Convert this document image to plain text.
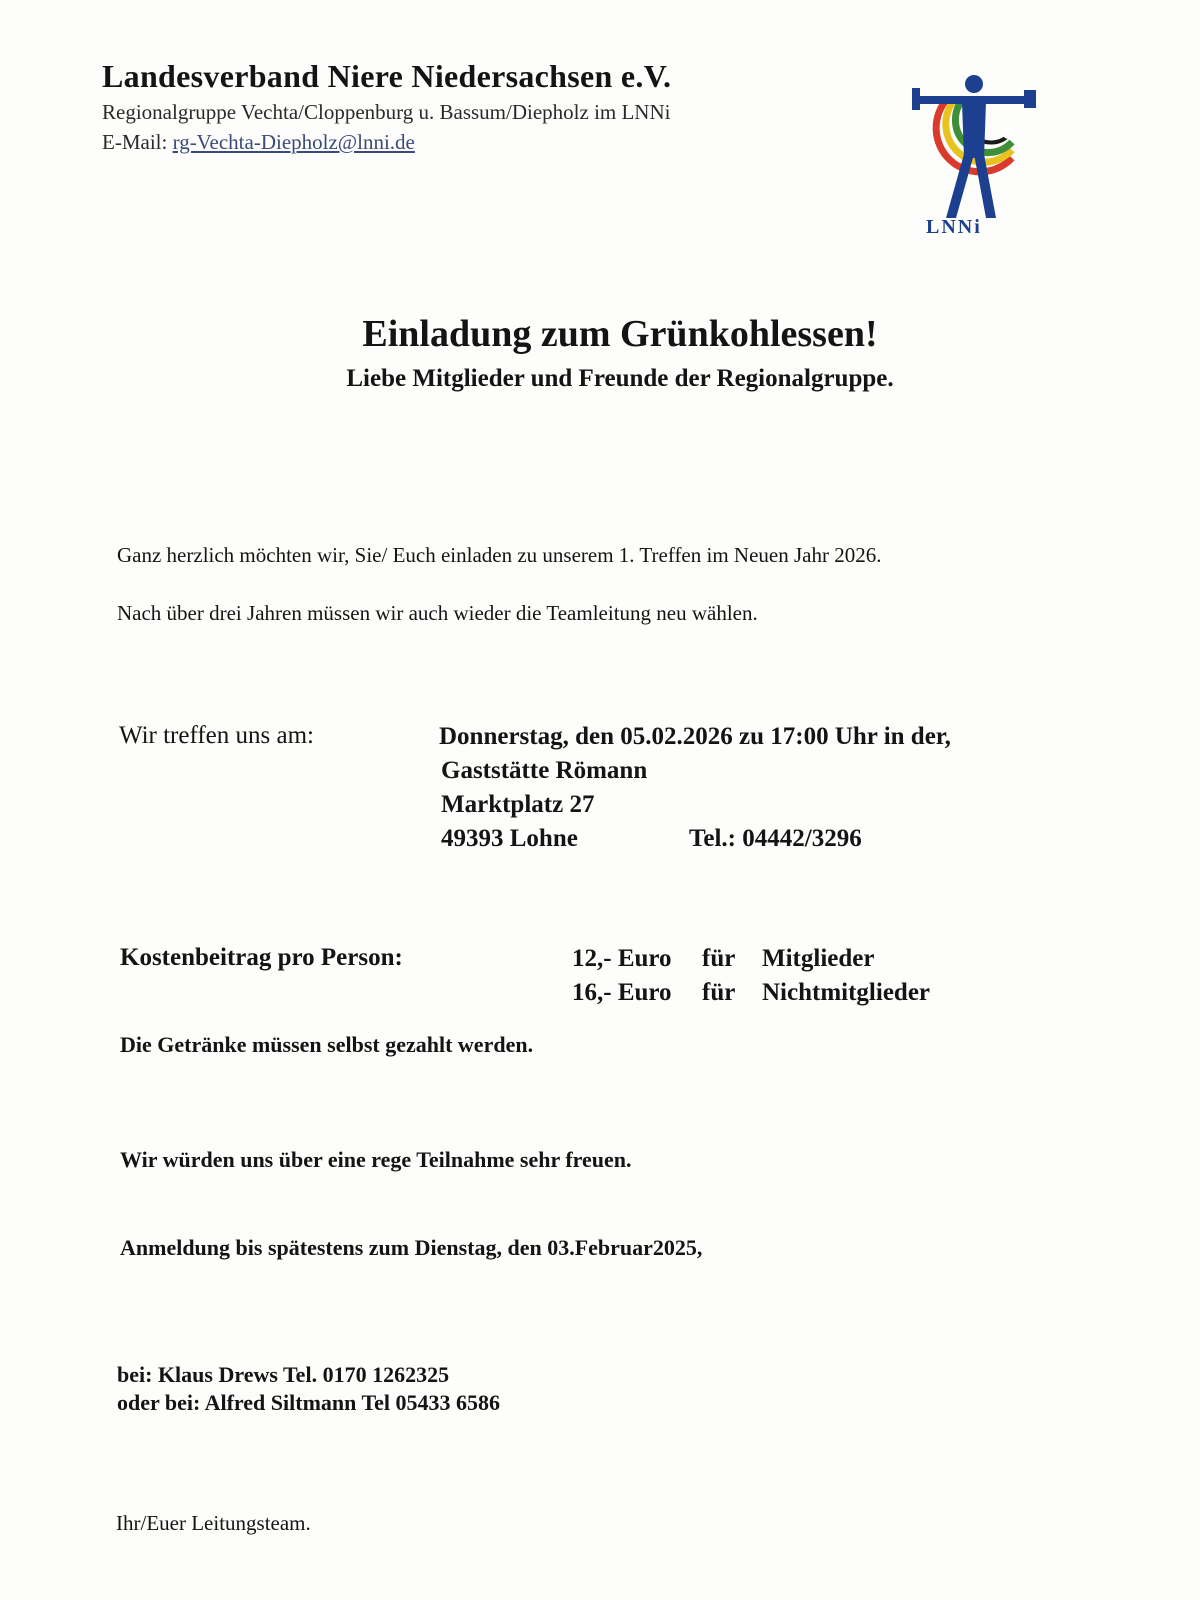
Landesverband Niere Niedersachsen e.V.
Regionalgruppe Vechta/Cloppenburg u. Bassum/Diepholz im LNNi
E-Mail: rg-Vechta-Diepholz@lnni.de
LNNi
Einladung zum Grünkohlessen!
Liebe Mitglieder und Freunde der Regionalgruppe.
Ganz herzlich möchten wir, Sie/ Euch einladen zu unserem 1. Treffen im Neuen Jahr 2026.
Nach über drei Jahren müssen wir auch wieder die Teamleitung neu wählen.
Wir treffen uns am:	Donnerstag, den 05.02.2026 zu 17:00 Uhr in der,
Gaststätte Römann
Marktplatz 27
49393 Lohne	Tel.: 04442/3296
Kostenbeitrag pro Person:	12,- Euro für Mitglieder
16,- Euro für Nichtmitglieder
Die Getränke müssen selbst gezahlt werden.
Wir würden uns über eine rege Teilnahme sehr freuen.
Anmeldung bis spätestens zum Dienstag, den 03.Februar2025,
bei: Klaus Drews Tel. 0170 1262325
oder bei: Alfred Siltmann Tel 05433 6586
Ihr/Euer Leitungsteam.
